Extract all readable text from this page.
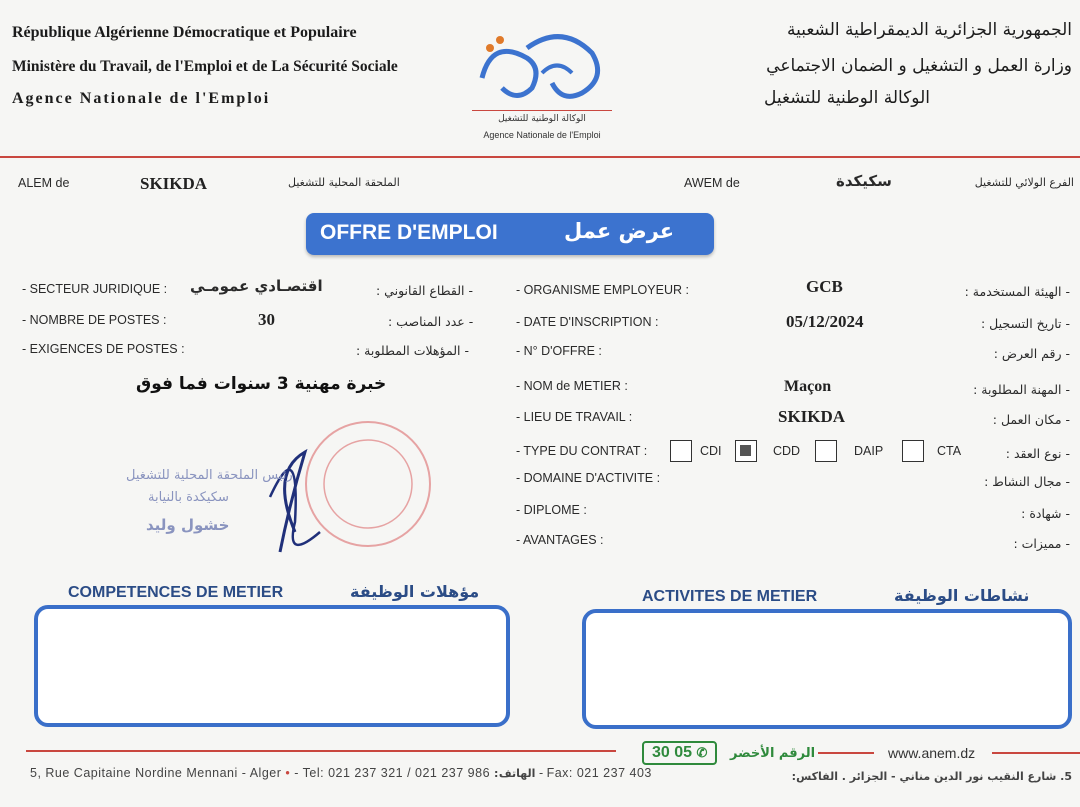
République Algérienne Démocratique et Populaire
Ministère du Travail, de l'Emploi et de La Sécurité Sociale
Agence Nationale de l'Emploi
الوكالة الوطنية للتشغيل
Agence Nationale de l'Emploi
الجمهورية الجزائرية الديمقراطية الشعبية
وزارة العمل و التشغيل و الضمان الاجتماعي
الوكالة الوطنية للتشغيل
ALEM de	SKIKDA	الملحقة المحلية للتشغيل	AWEM de	سكيكدة	الفرع الولائي للتشغيل
OFFRE D'EMPLOI	عرض عمل
- SECTEUR JURIDIQUE : اقتصـادي عمومـي	- القطاع القانوني :
- NOMBRE DE POSTES :	30	- عدد المناصب :
- EXIGENCES DE POSTES :	- المؤهلات المطلوبة :
خبرة مهنية 3 سنوات فما فوق
رئيس الملحقة المحلية للتشغيل
سكيكدة بالنيابة
خشول وليد
- ORGANISME EMPLOYEUR :	GCB	- الهيئة المستخدمة :
- DATE D'INSCRIPTION :	05/12/2024	- تاريخ التسجيل :
- N° D'OFFRE :	- رقم العرض :
- NOM de METIER :	Maçon	- المهنة المطلوبة :
- LIEU DE TRAVAIL :	SKIKDA	- مكان العمل :
- TYPE DU CONTRAT :	CDI	CDD	DAIP	CTA	- نوع العقد :
- DOMAINE D'ACTIVITE :	- مجال النشاط :
- DIPLOME :	- شهادة :
- AVANTAGES :	- مميزات :
COMPETENCES DE METIER	مؤهلات الوظيفة	ACTIVITES DE METIER	نشاطات الوظيفة
30 05 ✆	الرقم الأخضر	www.anem.dz
5, Rue Capitaine Nordine Mennani - Alger • - Tel: 021 237 321 / 021 237 986 :الهاتف - Fax: 021 237 403	5. شارع النقيب نور الدين مناني - الجزائر . الفاكس:
